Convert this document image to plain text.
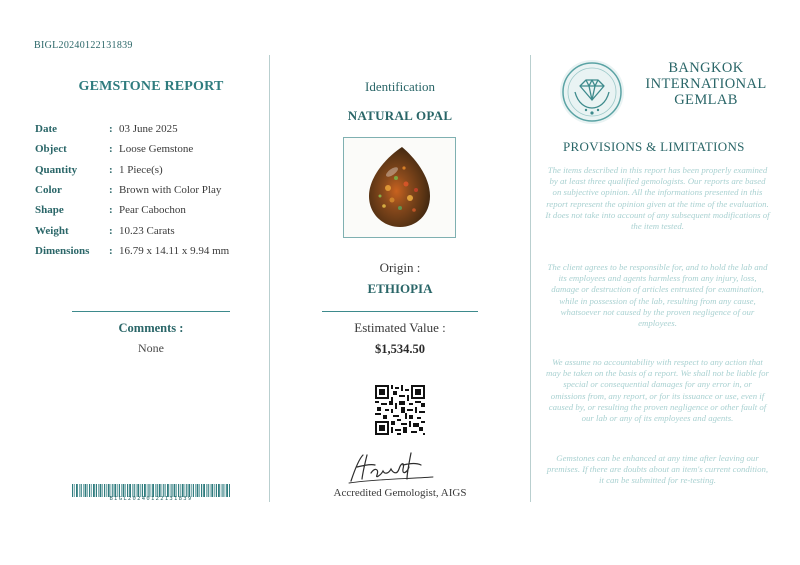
BIGL20240122131839
GEMSTONE REPORT
Date	: 03 June 2025
Object	: Loose Gemstone
Quantity	: 1 Piece(s)
Color	: Brown with Color Play
Shape	: Pear Cabochon
Weight	: 10.23 Carats
Dimensions	: 16.79 x 14.11 x 9.94 mm
Comments :
None
BIGL20240122131839
Identification
NATURAL OPAL
Origin :
ETHIOPIA
Estimated Value :
$1,534.50
Accredited Gemologist, AIGS
BANGKOK
INTERNATIONAL
GEMLAB
PROVISIONS & LIMITATIONS
The items described in this report has been properly examined by at least three qualified gemologists. Our reports are based on subjective opinion. All the informations presented in this report represent the opinion given at the time of the evaluation. It does not take into account of any subsequent modifications of the item tested.
The client agrees to be responsible for, and to hold the lab and its employees and agents harmless from any injury, loss, damage or destruction of articles entrusted for examination, while in possession of the lab, resulting from any cause, whatsoever not caused by the proven negligence of our employees.
We assume no accountability with respect to any action that may be taken on the basis of a report. We shall not be liable for special or consequential damages for any error in, or omissions from, any report, or for its issuance or use, even if caused by, or resulting the proven negligence or other fault of our lab or any of its employees and agents.
Gemstones can be enhanced at any time after leaving our premises. If there are doubts about an item's current condition, it can be submitted for re-testing.
